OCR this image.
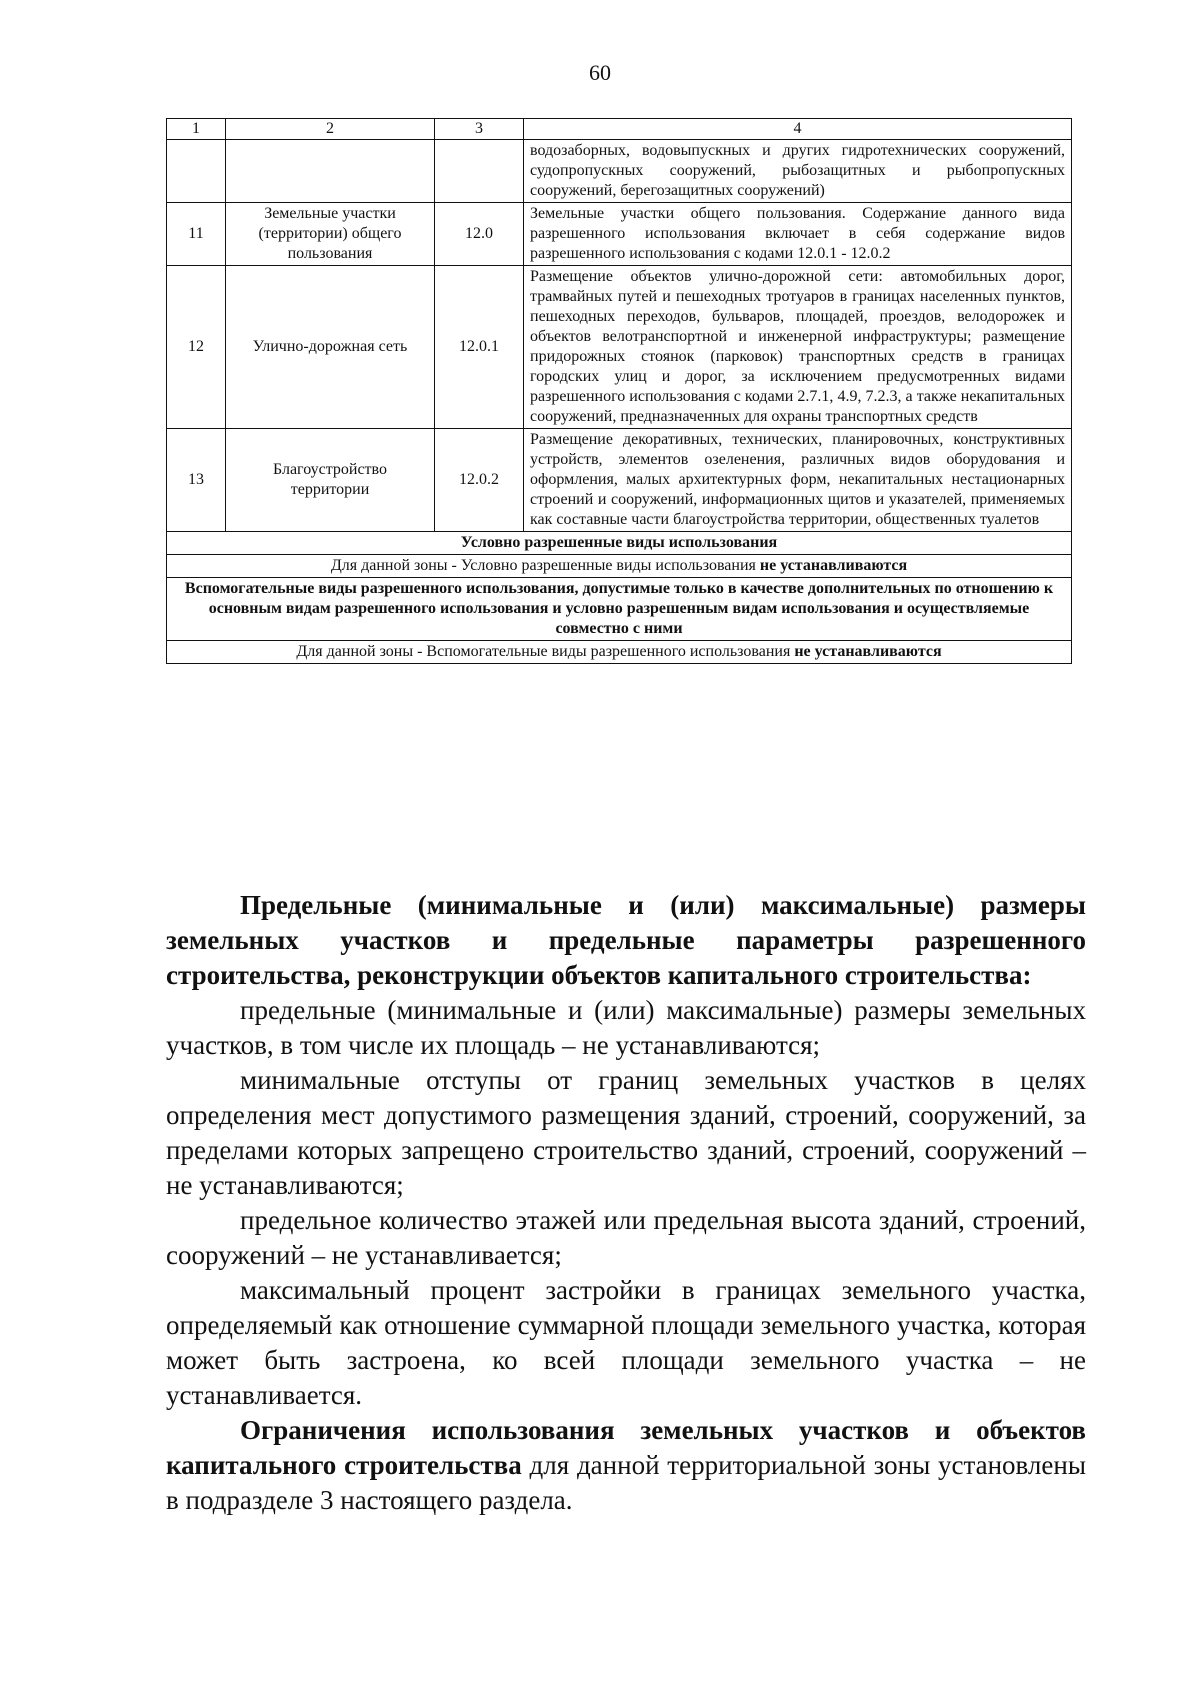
60
1	2	3	4
			водозаборных, водовыпускных и других гидротехнических сооружений, судопропускных сооружений, рыбозащитных и рыбопропускных сооружений, берегозащитных сооружений)
11	Земельные участки (территории) общего пользования	12.0	Земельные участки общего пользования. Содержание данного вида разрешенного использования включает в себя содержание видов разрешенного использования с кодами 12.0.1 - 12.0.2
12	Улично-дорожная сеть	12.0.1	Размещение объектов улично-дорожной сети: автомобильных дорог, трамвайных путей и пешеходных тротуаров в границах населенных пунктов, пешеходных переходов, бульваров, площадей, проездов, велодорожек и объектов велотранспортной и инженерной инфраструктуры; размещение придорожных стоянок (парковок) транспортных средств в границах городских улиц и дорог, за исключением предусмотренных видами разрешенного использования с кодами 2.7.1, 4.9, 7.2.3, а также некапитальных сооружений, предназначенных для охраны транспортных средств
13	Благоустройство территории	12.0.2	Размещение декоративных, технических, планировочных, конструктивных устройств, элементов озеленения, различных видов оборудования и оформления, малых архитектурных форм, некапитальных нестационарных строений и сооружений, информационных щитов и указателей, применяемых как составные части благоустройства территории, общественных туалетов
Условно разрешенные виды использования			
Для данной зоны - Условно разрешенные виды использования не устанавливаются			
Вспомогательные виды разрешенного использования, допустимые только в качестве дополнительных по отношению к основным видам разрешенного использования и условно разрешенным видам использования и осуществляемые совместно с ними			
Для данной зоны - Вспомогательные виды разрешенного использования не устанавливаются			

Предельные (минимальные и (или) максимальные) размеры земельных участков и предельные параметры разрешенного строительства, реконструкции объектов капитального строительства:

предельные (минимальные и (или) максимальные) размеры земельных участков, в том числе их площадь – не устанавливаются;

минимальные отступы от границ земельных участков в целях определения мест допустимого размещения зданий, строений, сооружений, за пределами которых запрещено строительство зданий, строений, сооружений – не устанавливаются;

предельное количество этажей или предельная высота зданий, строений, сооружений – не устанавливается;

максимальный процент застройки в границах земельного участка, определяемый как отношение суммарной площади земельного участка, которая может быть застроена, ко всей площади земельного участка – не устанавливается.

Ограничения использования земельных участков и объектов капитального строительства для данной территориальной зоны установлены в подразделе 3 настоящего раздела.
